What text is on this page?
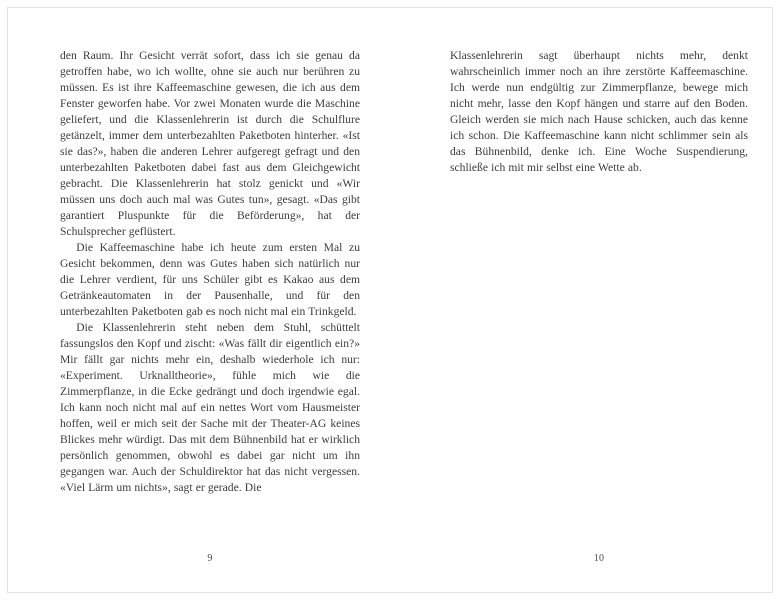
den Raum. Ihr Gesicht verrät sofort, dass ich sie genau da getroffen habe, wo ich wollte, ohne sie auch nur berühren zu müssen. Es ist ihre Kaffeemaschine gewesen, die ich aus dem Fenster geworfen habe. Vor zwei Monaten wurde die Maschine geliefert, und die Klassenlehrerin ist durch die Schulflure getänzelt, immer dem unterbezahlten Paketboten hinterher. «Ist sie das?», haben die anderen Lehrer aufgeregt gefragt und den unterbezahlten Paketboten dabei fast aus dem Gleichgewicht gebracht. Die Klassenlehrerin hat stolz genickt und «Wir müssen uns doch auch mal was Gutes tun», gesagt. «Das gibt garantiert Pluspunkte für die Beförderung», hat der Schulsprecher geflüstert.

Die Kaffeemaschine habe ich heute zum ersten Mal zu Gesicht bekommen, denn was Gutes haben sich natürlich nur die Lehrer verdient, für uns Schüler gibt es Kakao aus dem Getränkeautomaten in der Pausenhalle, und für den unterbezahlten Paketboten gab es noch nicht mal ein Trinkgeld.

Die Klassenlehrerin steht neben dem Stuhl, schüttelt fassungslos den Kopf und zischt: «Was fällt dir eigentlich ein?» Mir fällt gar nichts mehr ein, deshalb wiederhole ich nur: «Experiment. Urknalltheorie», fühle mich wie die Zimmerpflanze, in die Ecke gedrängt und doch irgendwie egal. Ich kann noch nicht mal auf ein nettes Wort vom Hausmeister hoffen, weil er mich seit der Sache mit der Theater-AG keines Blickes mehr würdigt. Das mit dem Bühnenbild hat er wirklich persönlich genommen, obwohl es dabei gar nicht um ihn gegangen war. Auch der Schuldirektor hat das nicht vergessen. «Viel Lärm um nichts», sagt er gerade. Die

9

Klassenlehrerin sagt überhaupt nichts mehr, denkt wahrscheinlich immer noch an ihre zerstörte Kaffeemaschine. Ich werde nun endgültig zur Zimmerpflanze, bewege mich nicht mehr, lasse den Kopf hängen und starre auf den Boden. Gleich werden sie mich nach Hause schicken, auch das kenne ich schon. Die Kaffeemaschine kann nicht schlimmer sein als das Bühnenbild, denke ich. Eine Woche Suspendierung, schließe ich mit mir selbst eine Wette ab.

10
